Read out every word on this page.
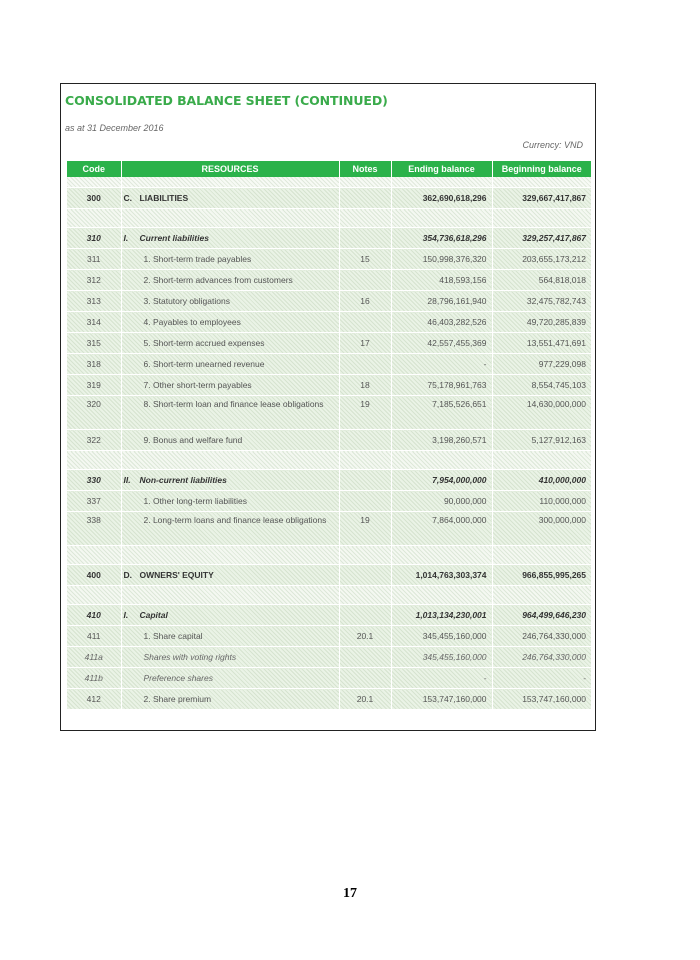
CONSOLIDATED BALANCE SHEET (CONTINUED)
as at 31 December 2016
Currency: VND
Code	RESOURCES	Notes	Ending balance	Beginning balance

300	C. LIABILITIES		362,690,618,296	329,667,417,867

310	I. Current liabilities		354,736,618,296	329,257,417,867
311	1. Short-term trade payables	15	150,998,376,320	203,655,173,212
312	2. Short-term advances from customers		418,593,156	564,818,018
313	3. Statutory obligations	16	28,796,161,940	32,475,782,743
314	4. Payables to employees		46,403,282,526	49,720,285,839
315	5. Short-term accrued expenses	17	42,557,455,369	13,551,471,691
318	6. Short-term unearned revenue		-	977,229,098
319	7. Other short-term payables	18	75,178,961,763	8,554,745,103
320	8. Short-term loan and finance lease obligations	19	7,185,526,651	14,630,000,000
322	9. Bonus and welfare fund		3,198,260,571	5,127,912,163

330	II. Non-current liabilities		7,954,000,000	410,000,000
337	1. Other long-term liabilities		90,000,000	110,000,000
338	2. Long-term loans and finance lease obligations	19	7,864,000,000	300,000,000

400	D. OWNERS' EQUITY		1,014,763,303,374	966,855,995,265

410	I. Capital		1,013,134,230,001	964,499,646,230
411	1. Share capital	20.1	345,455,160,000	246,764,330,000
411a	Shares with voting rights		345,455,160,000	246,764,330,000
411b	Preference shares		-	-
412	2. Share premium	20.1	153,747,160,000	153,747,160,000
17
